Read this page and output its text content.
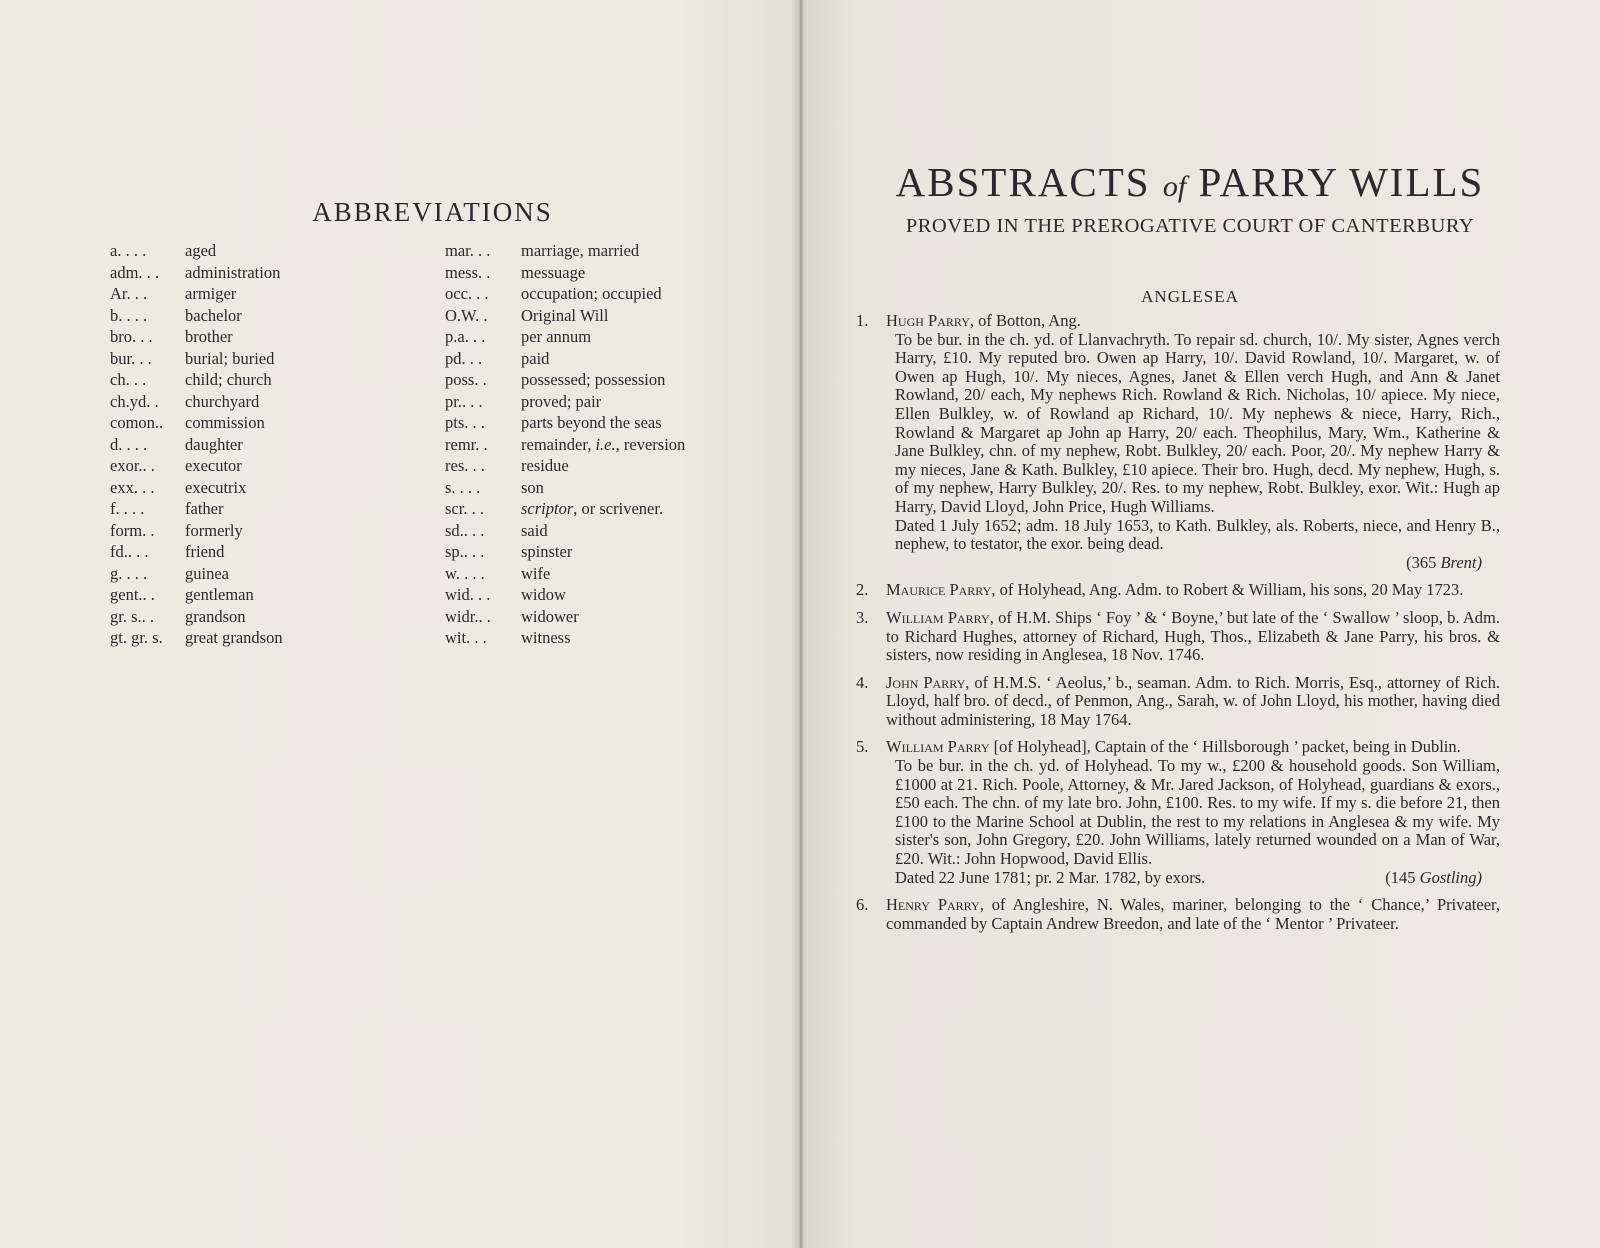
ABBREVIATIONS
a. . . .	aged
adm. . .	administration
Ar. . .	armiger
b. . . .	bachelor
bro. . .	brother
bur. . .	burial; buried
ch. . .	child; church
ch.yd. .	churchyard
comon..	commission
d. . . .	daughter
exor.. .	executor
exx. . .	executrix
f. . . .	father
form. .	formerly
fd.. . .	friend
g. . . .	guinea
gent.. .	gentleman
gr. s.. .	grandson
gt. gr. s.	great grandson
mar. . .	marriage, married
mess. .	messuage
occ. . .	occupation; occupied
O.W. .	Original Will
p.a. . .	per annum
pd. . .	paid
poss. .	possessed; possession
pr.. . .	proved; pair
pts. . .	parts beyond the seas
remr. .	remainder, i.e., reversion
res. . .	residue
s. . . .	son
scr. . .	scriptor, or scrivener.
sd.. . .	said
sp.. . .	spinster
w. . . .	wife
wid. . .	widow
widr.. .	widower
wit. . .	witness
ABSTRACTS of PARRY WILLS
PROVED IN THE PREROGATIVE COURT OF CANTERBURY
ANGLESEA
1. Hugh Parry, of Botton, Ang.
To be bur. in the ch. yd. of Llanvachryth. To repair sd. church, 10/. My sister, Agnes verch Harry, £10. My reputed bro. Owen ap Harry, 10/. David Rowland, 10/. Margaret, w. of Owen ap Hugh, 10/. My nieces, Agnes, Janet & Ellen verch Hugh, and Ann & Janet Rowland, 20/ each, My nephews Rich. Rowland & Rich. Nicholas, 10/ apiece. My niece, Ellen Bulkley, w. of Rowland ap Richard, 10/. My nephews & niece, Harry, Rich., Rowland & Margaret ap John ap Harry, 20/ each. Theophilus, Mary, Wm., Katherine & Jane Bulkley, chn. of my nephew, Robt. Bulkley, 20/ each. Poor, 20/. My nephew Harry & my nieces, Jane & Kath. Bulkley, £10 apiece. Their bro. Hugh, decd. My nephew, Hugh, s. of my nephew, Harry Bulkley, 20/. Res. to my nephew, Robt. Bulkley, exor. Wit.: Hugh ap Harry, David Lloyd, John Price, Hugh Williams.
Dated 1 July 1652; adm. 18 July 1653, to Kath. Bulkley, als. Roberts, niece, and Henry B., nephew, to testator, the exor. being dead.
(365 Brent)
2. Maurice Parry, of Holyhead, Ang. Adm. to Robert & William, his sons, 20 May 1723.
3. William Parry, of H.M. Ships ‘ Foy ’ & ‘ Boyne,’ but late of the ‘ Swallow ’ sloop, b. Adm. to Richard Hughes, attorney of Richard, Hugh, Thos., Elizabeth & Jane Parry, his bros. & sisters, now residing in Anglesea, 18 Nov. 1746.
4. John Parry, of H.M.S. ‘ Aeolus,’ b., seaman. Adm. to Rich. Morris, Esq., attorney of Rich. Lloyd, half bro. of decd., of Penmon, Ang., Sarah, w. of John Lloyd, his mother, having died without administering, 18 May 1764.
5. William Parry [of Holyhead], Captain of the ‘ Hillsborough ’ packet, being in Dublin.
To be bur. in the ch. yd. of Holyhead. To my w., £200 & household goods. Son William, £1000 at 21. Rich. Poole, Attorney, & Mr. Jared Jackson, of Holyhead, guardians & exors., £50 each. The chn. of my late bro. John, £100. Res. to my wife. If my s. die before 21, then £100 to the Marine School at Dublin, the rest to my relations in Anglesea & my wife. My sister's son, John Gregory, £20. John Williams, lately returned wounded on a Man of War, £20. Wit.: John Hopwood, David Ellis.
Dated 22 June 1781; pr. 2 Mar. 1782, by exors.	(145 Gostling)
6. Henry Parry, of Angleshire, N. Wales, mariner, belonging to the ‘ Chance,’ Privateer, commanded by Captain Andrew Breedon, and late of the ‘ Mentor ’ Privateer.
